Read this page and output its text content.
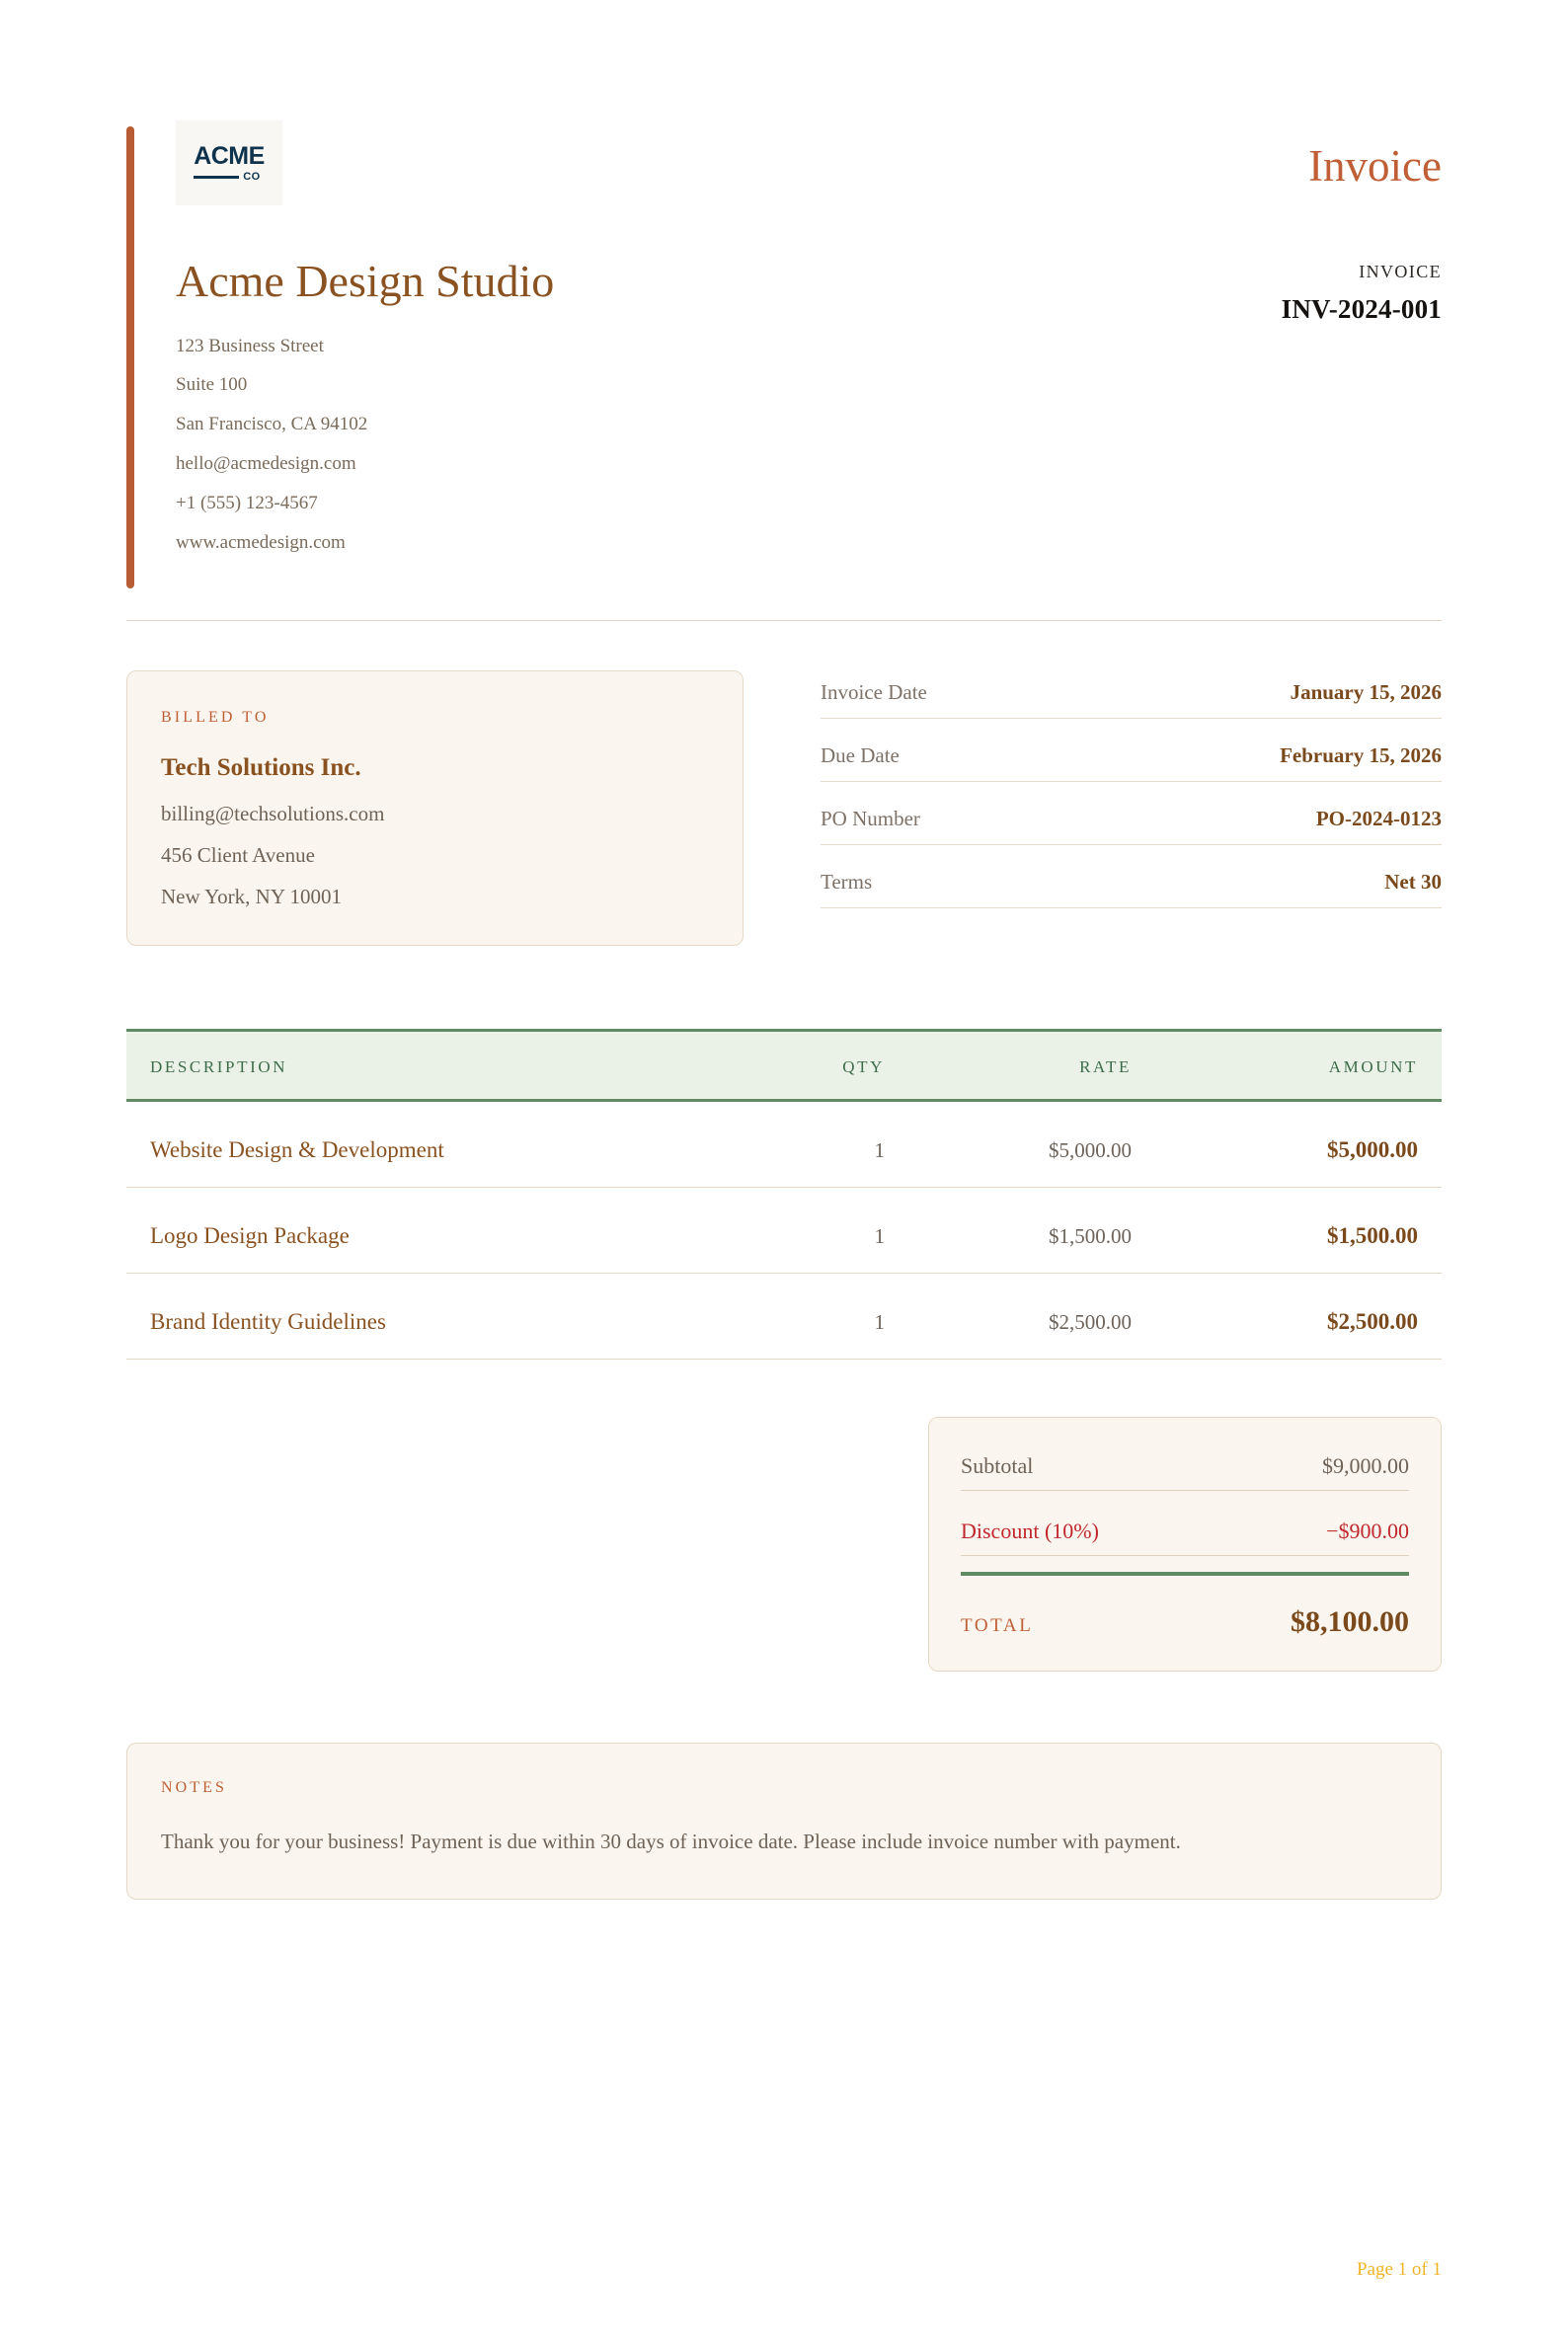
ACME
CO
Acme Design Studio
123 Business Street
Suite 100
San Francisco, CA 94102
hello@acmedesign.com
+1 (555) 123-4567
www.acmedesign.com
Invoice
INVOICE
INV-2024-001
BILLED TO
Tech Solutions Inc.
billing@techsolutions.com
456 Client Avenue
New York, NY 10001
Invoice Date	January 15, 2026
Due Date	February 15, 2026
PO Number	PO-2024-0123
Terms	Net 30
DESCRIPTION	QTY	RATE	AMOUNT
Website Design & Development	1	$5,000.00	$5,000.00
Logo Design Package	1	$1,500.00	$1,500.00
Brand Identity Guidelines	1	$2,500.00	$2,500.00
Subtotal	$9,000.00
Discount (10%)	−$900.00
TOTAL	$8,100.00
NOTES
Thank you for your business! Payment is due within 30 days of invoice date. Please include invoice number with payment.
Page 1 of 1
